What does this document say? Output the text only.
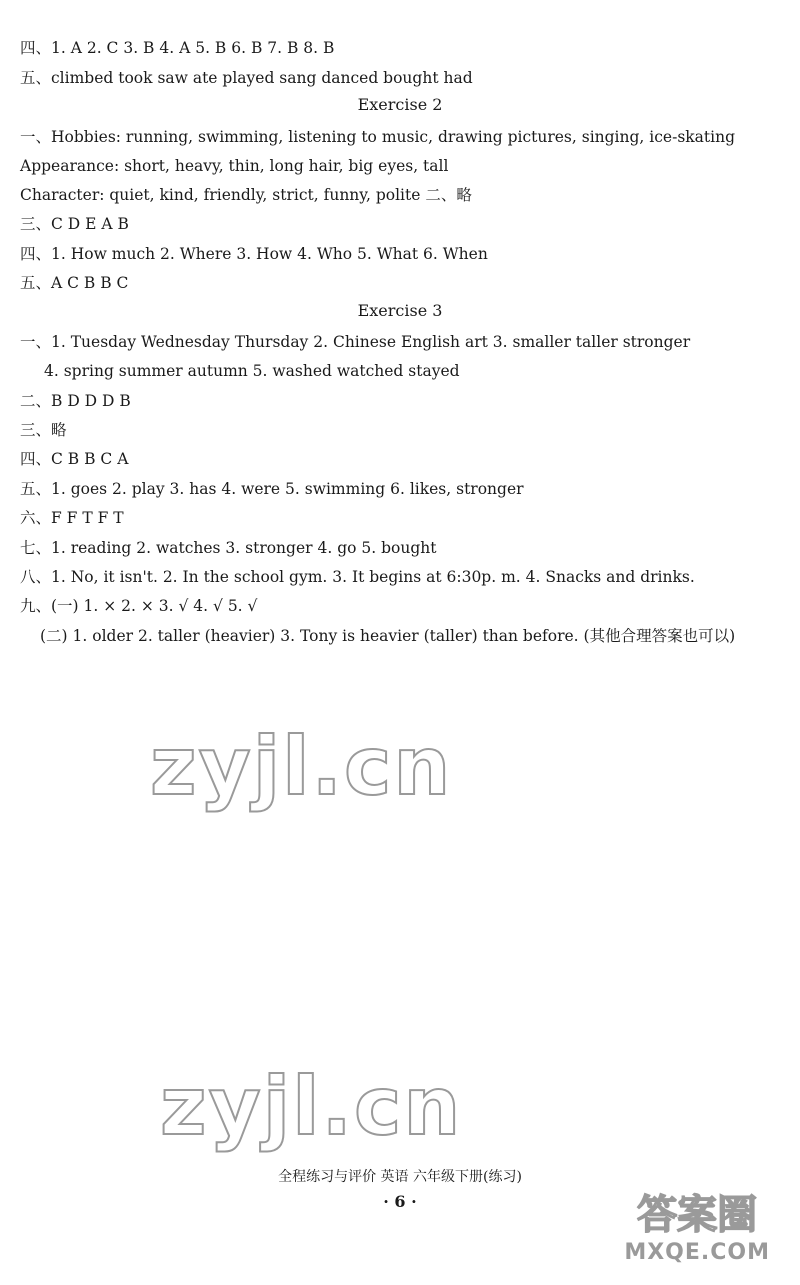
四、1. A 2. C 3. B 4. A 5. B 6. B 7. B 8. B
五、climbed took saw ate played sang danced bought had
Exercise 2
一、Hobbies: running, swimming, listening to music, drawing pictures, singing, ice-skating
Appearance: short, heavy, thin, long hair, big eyes, tall
Character: quiet, kind, friendly, strict, funny, polite 二、略
三、C D E A B
四、1. How much 2. Where 3. How 4. Who 5. What 6. When
五、A C B B C
Exercise 3
一、1. Tuesday Wednesday Thursday 2. Chinese English art 3. smaller taller stronger
4. spring summer autumn 5. washed watched stayed
二、B D D D B
三、略
四、C B B C A
五、1. goes 2. play 3. has 4. were 5. swimming 6. likes, stronger
六、F F T F T
七、1. reading 2. watches 3. stronger 4. go 5. bought
八、1. No, it isn't. 2. In the school gym. 3. It begins at 6:30p. m. 4. Snacks and drinks.
九、(一) 1. × 2. × 3. √ 4. √ 5. √
(二) 1. older 2. taller (heavier) 3. Tony is heavier (taller) than before. (其他合理答案也可以)
zyjl.cn
zyjl.cn
全程练习与评价 英语 六年级下册(练习)
· 6 ·	答案圈
MXQE.COM
